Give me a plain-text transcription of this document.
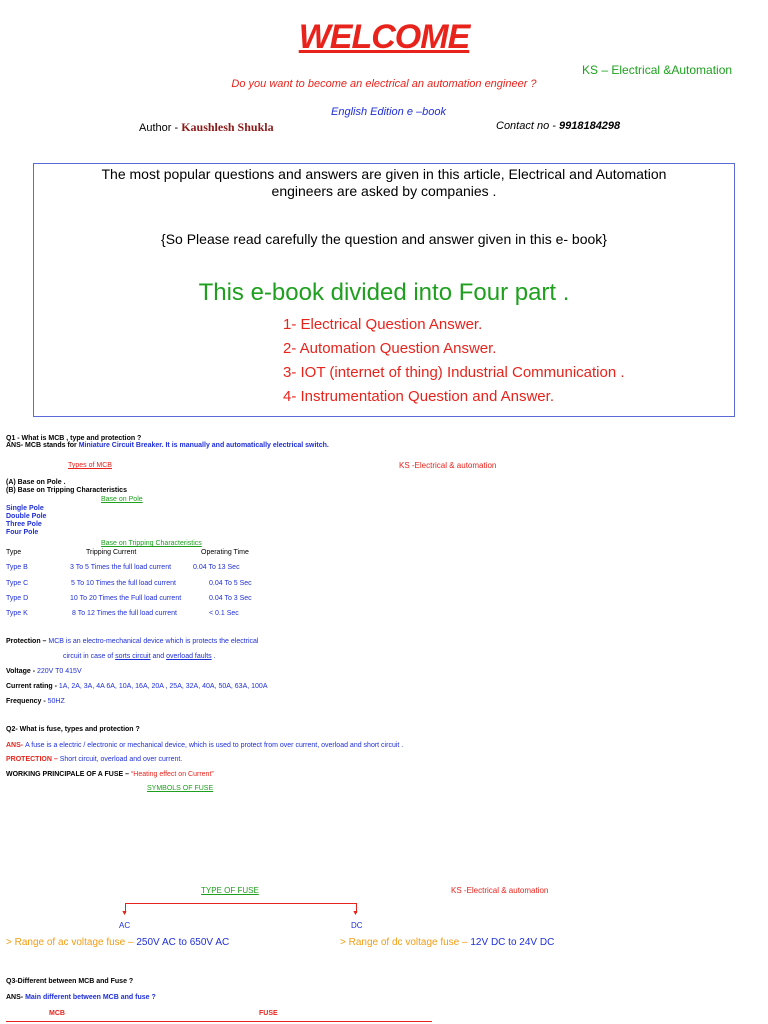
WELCOME
KS – Electrical &Automation
Do you want to become an electrical an automation engineer ?
English Edition e –book
Author - Kaushlesh Shukla	Contact no - 9918184298
The most popular questions and answers are given in this article, Electrical and Automation
engineers are asked by companies .
{So Please read carefully the question and answer given in this e- book}
This e-book divided into Four part .
1- Electrical Question Answer.
2- Automation Question Answer.
3- IOT (internet of thing) Industrial Communication .
4- Instrumentation Question and Answer.
Q1 - What is MCB , type and protection ?
ANS- MCB stands for Miniature Circuit Breaker. It is manually and automatically electrical switch.
Types of MCB	KS -Electrical & automation
(A) Base on Pole .
(B) Base on Tripping Characteristics
Base on Pole
Single Pole
Double Pole
Three Pole
Four Pole
Base on Tripping Characteristics
Type	Tripping Current	Operating Time
Type B	3 To 5 Times the full load current	0.04 To 13 Sec
Type C	5 To 10 Times the full load current	0.04 To 5 Sec
Type D	10 To 20 Times the Full load current	0.04 To 3 Sec
Type K	8 To 12 Times the full load current	< 0.1 Sec
Protection – MCB is an electro-mechanical device which is protects the electrical
circuit in case of sorts circuit and overload faults .
Voltage - 220V T0 415V
Current rating - 1A, 2A, 3A, 4A 6A, 10A, 16A, 20A , 25A, 32A, 40A, 50A, 63A, 100A
Frequency - 50HZ
Q2- What is fuse, types and protection ?
ANS- A fuse is a electric / electronic or mechanical device, which is used to protect from over current, overload and short circuit .
PROTECTION – Short circuit, overload and over current.
WORKING PRINCIPALE OF A FUSE – “Heating effect on Current”
SYMBOLS OF FUSE
TYPE OF FUSE	KS -Electrical & automation
▼	▼
AC	DC
> Range of ac voltage fuse – 250V AC to 650V AC	> Range of dc voltage fuse – 12V DC to 24V DC
Q3-Different between MCB and Fuse ?
ANS- Main different between MCB and fuse ?
MCB	FUSE
